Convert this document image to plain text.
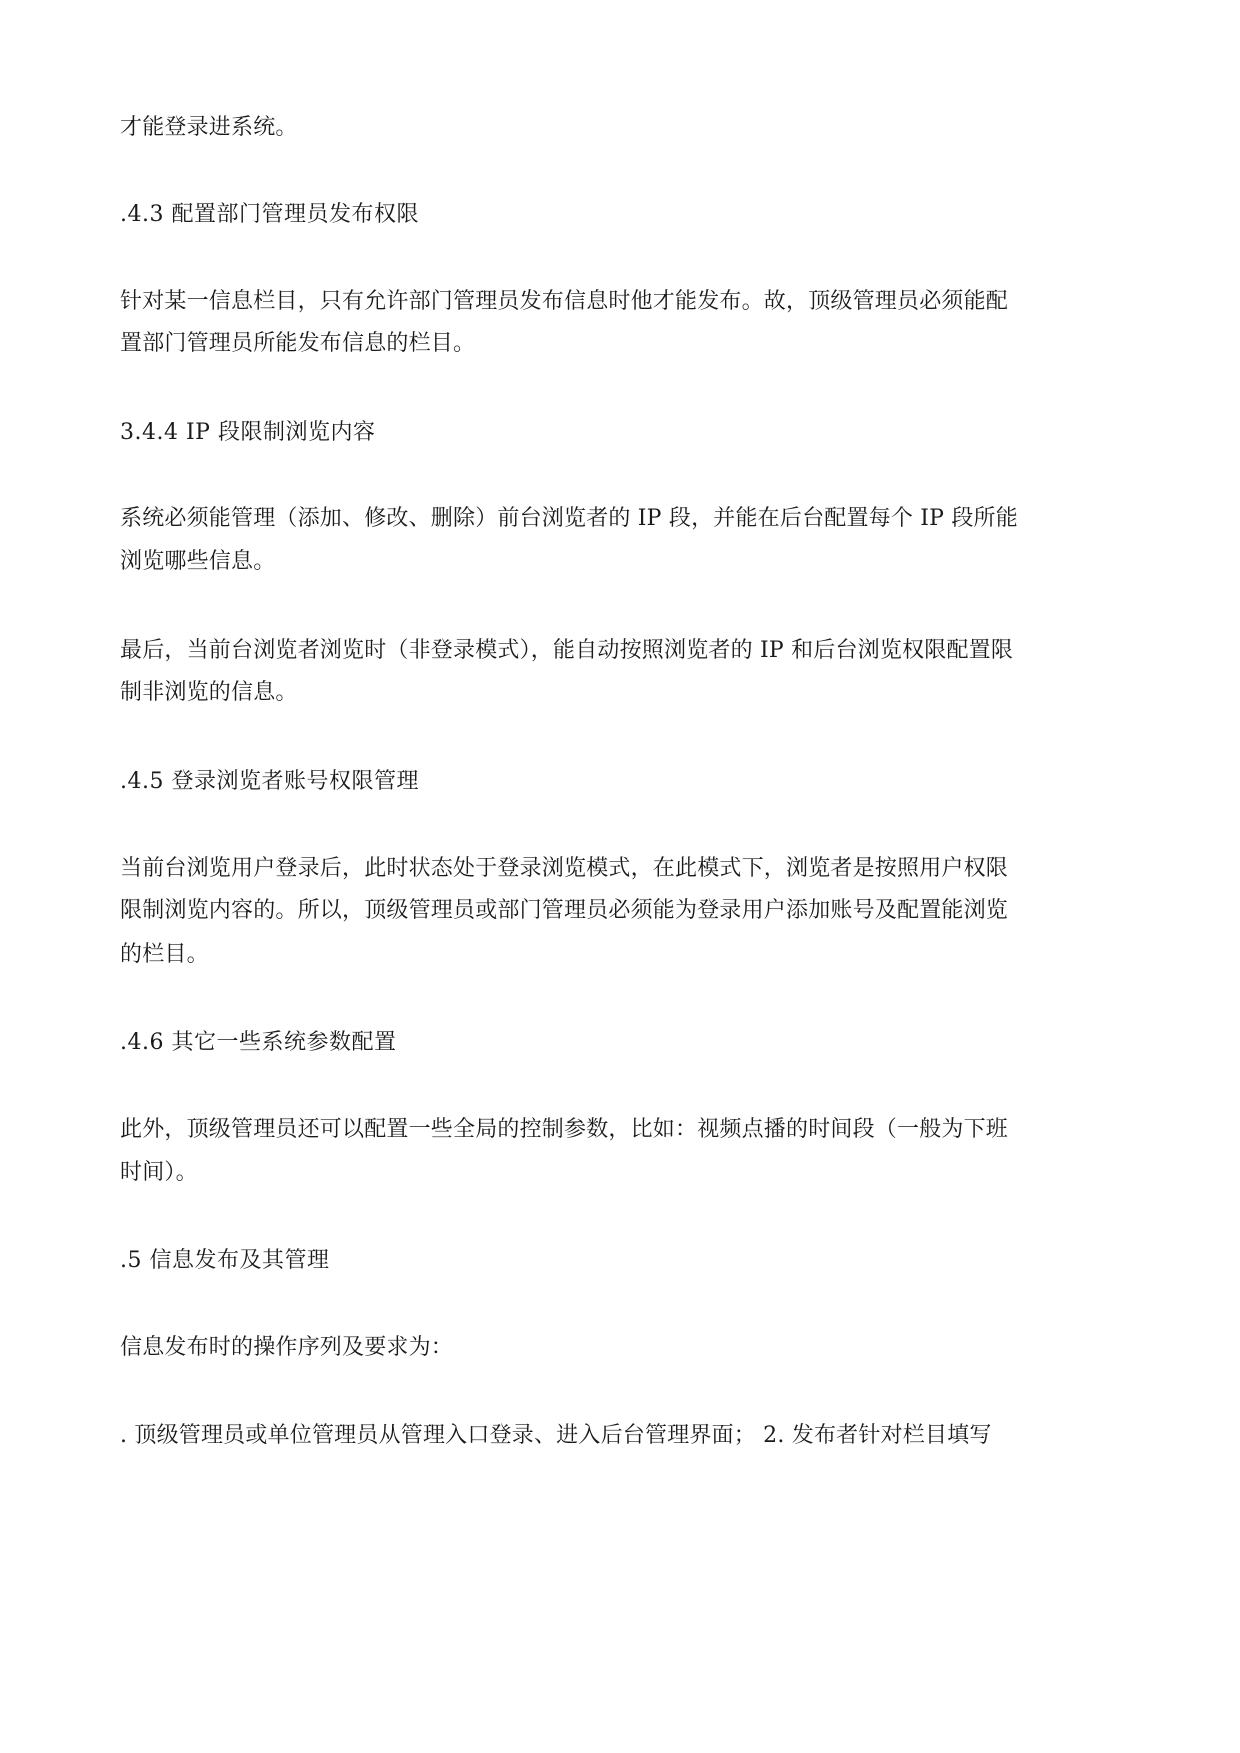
才能登录进系统。
.4.3 配置部门管理员发布权限
针对某一信息栏目，只有允许部门管理员发布信息时他才能发布。故，顶级管理员必须能配
置部门管理员所能发布信息的栏目。
3.4.4 IP 段限制浏览内容
系统必须能管理（添加、修改、删除）前台浏览者的 IP 段，并能在后台配置每个 IP 段所能
浏览哪些信息。
最后，当前台浏览者浏览时（非登录模式），能自动按照浏览者的 IP 和后台浏览权限配置限
制非浏览的信息。
.4.5 登录浏览者账号权限管理
当前台浏览用户登录后，此时状态处于登录浏览模式，在此模式下，浏览者是按照用户权限
限制浏览内容的。所以，顶级管理员或部门管理员必须能为登录用户添加账号及配置能浏览
的栏目。
.4.6 其它一些系统参数配置
此外，顶级管理员还可以配置一些全局的控制参数，比如：视频点播的时间段（一般为下班
时间）。
.5 信息发布及其管理
信息发布时的操作序列及要求为：
. 顶级管理员或单位管理员从管理入口登录、进入后台管理界面； 2. 发布者针对栏目填写
